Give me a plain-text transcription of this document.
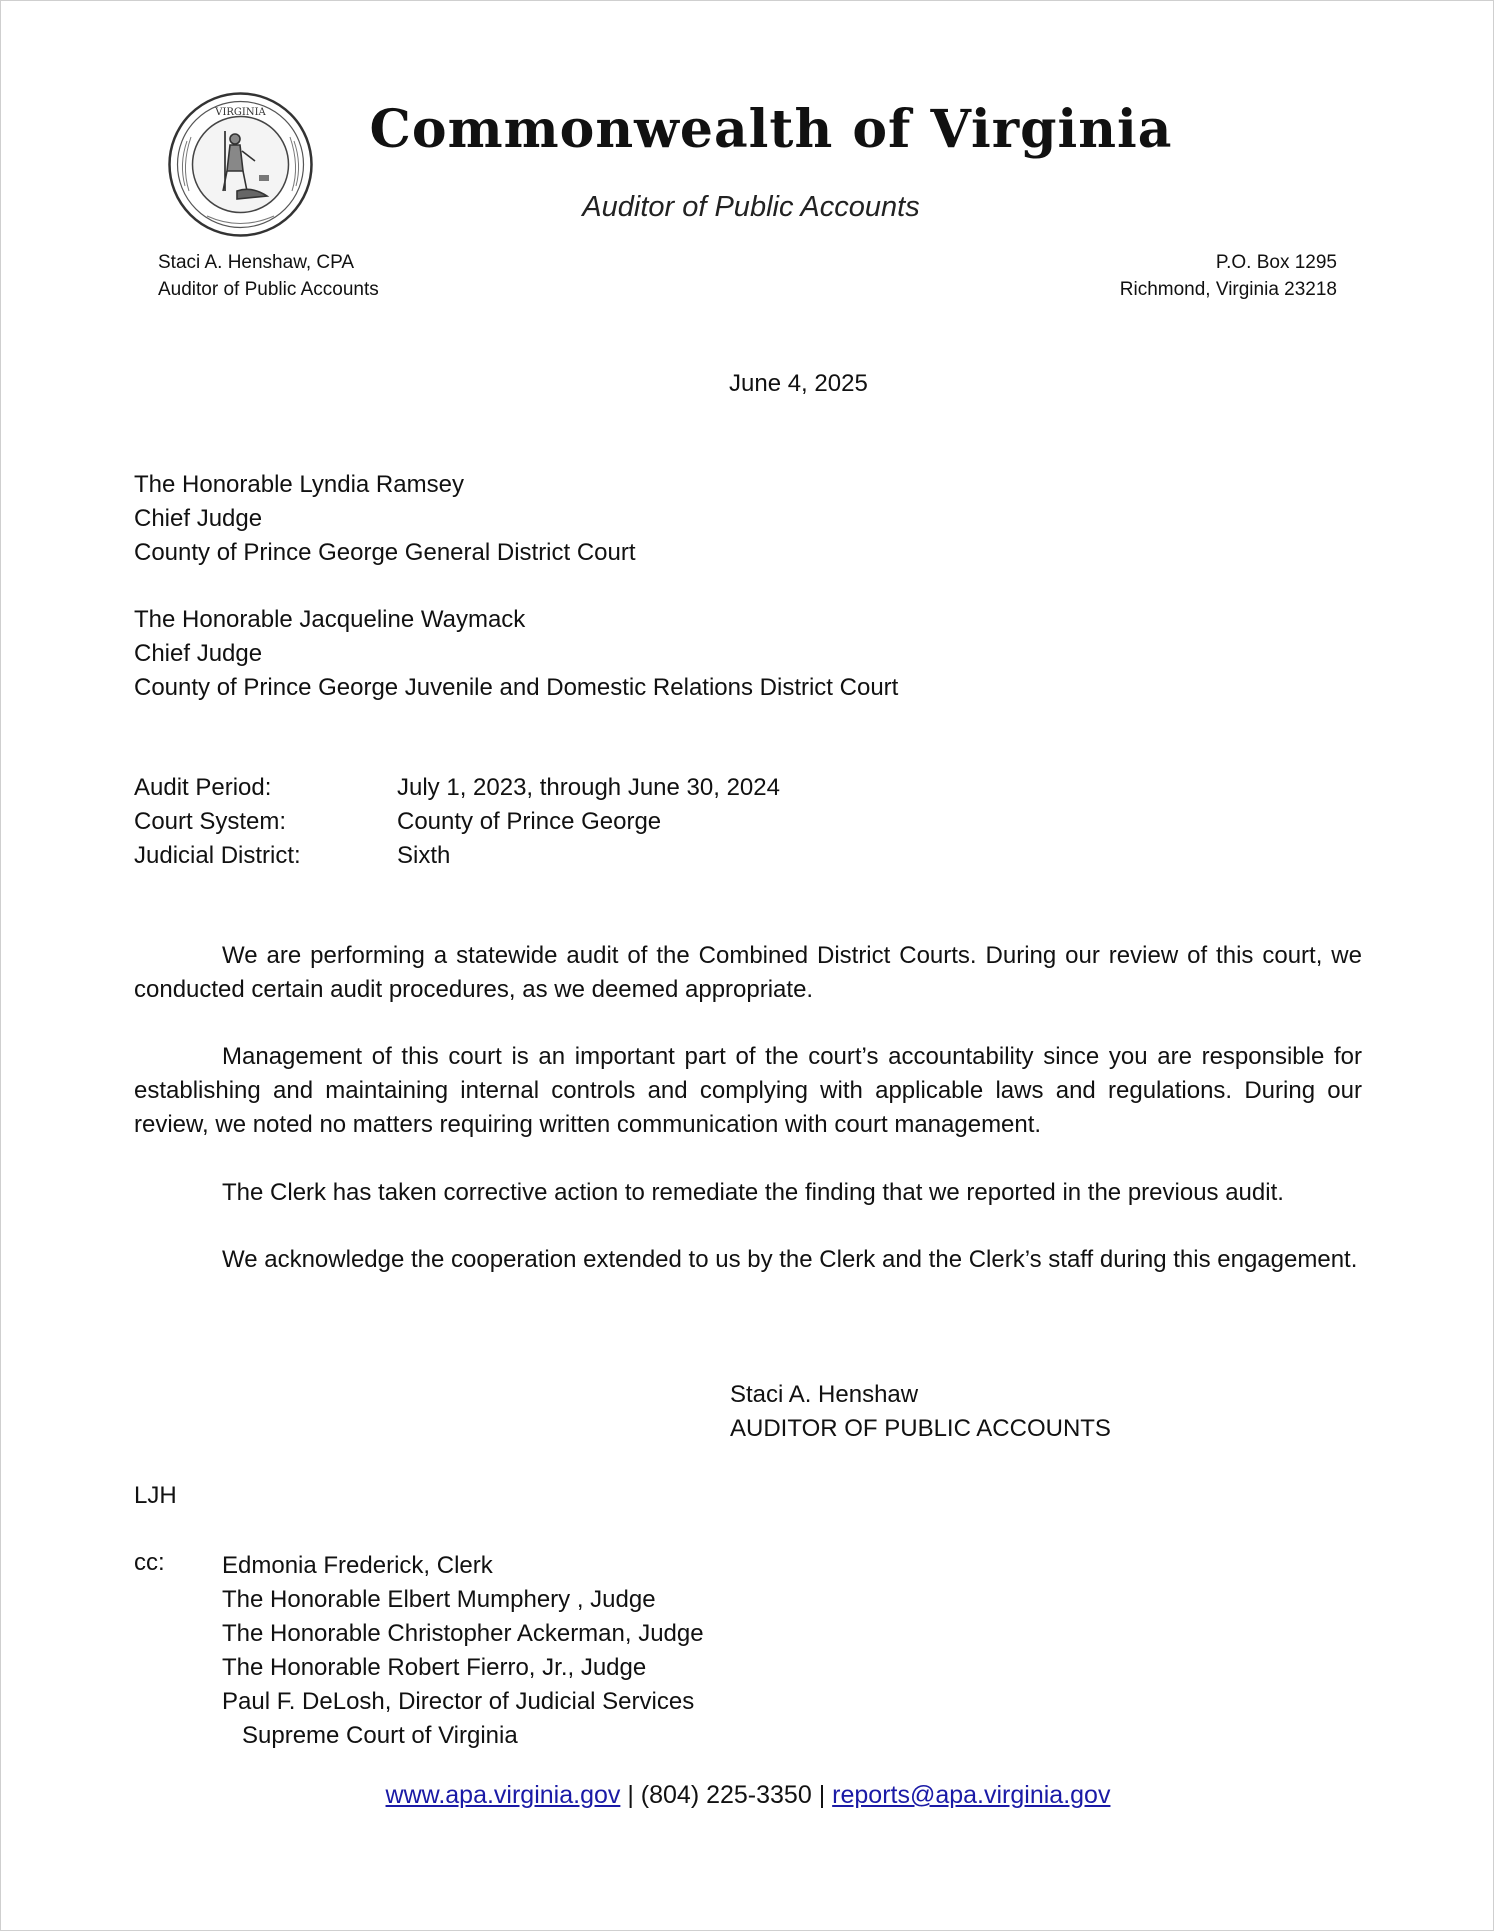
VIRGINIA	Commonwealth of Virginia
Auditor of Public Accounts
Staci A. Henshaw, CPA
Auditor of Public Accounts
P.O. Box 1295
Richmond, Virginia 23218
June 4, 2025
The Honorable Lyndia Ramsey
Chief Judge
County of Prince George General District Court
The Honorable Jacqueline Waymack
Chief Judge
County of Prince George Juvenile and Domestic Relations District Court
Audit Period:	July 1, 2023, through June 30, 2024
Court System:	County of Prince George
Judicial District:	Sixth
We are performing a statewide audit of the Combined District Courts. During our review of this court, we conducted certain audit procedures, as we deemed appropriate.
Management of this court is an important part of the court’s accountability since you are responsible for establishing and maintaining internal controls and complying with applicable laws and regulations. During our review, we noted no matters requiring written communication with court management.
The Clerk has taken corrective action to remediate the finding that we reported in the previous audit.
We acknowledge the cooperation extended to us by the Clerk and the Clerk’s staff during this engagement.
Staci A. Henshaw
AUDITOR OF PUBLIC ACCOUNTS
LJH
cc: Edmonia Frederick, Clerk
The Honorable Elbert Mumphery , Judge
The Honorable Christopher Ackerman, Judge
The Honorable Robert Fierro, Jr., Judge
Paul F. DeLosh, Director of Judicial Services
Supreme Court of Virginia
www.apa.virginia.gov | (804) 225-3350 | reports@apa.virginia.gov
